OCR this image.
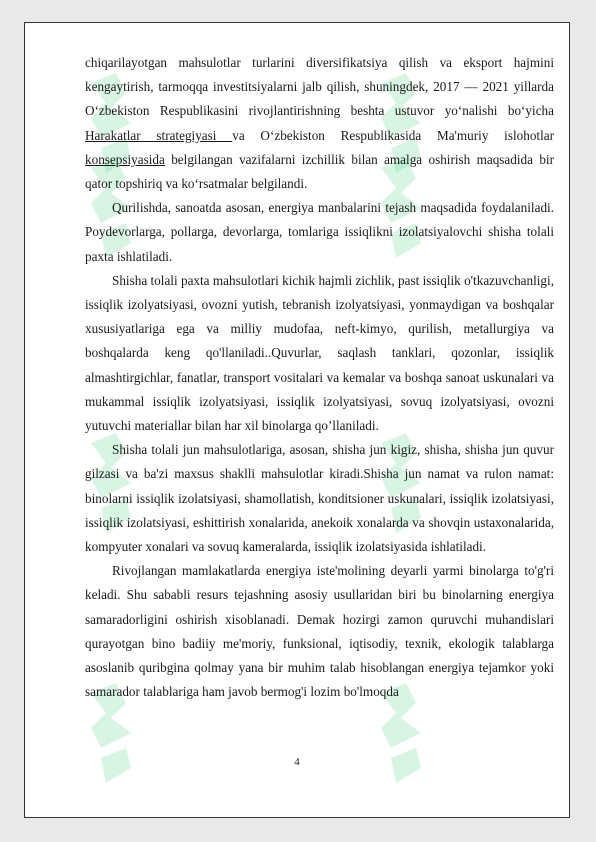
chiqarilayotgan mahsulotlar turlarini diversifikatsiya qilish va eksport hajmini kengaytirish, tarmoqqa investitsiyalarni jalb qilish, shuningdek, 2017 — 2021 yillarda O‘zbekiston Respublikasini rivojlantirishning beshta ustuvor yo‘nalishi bo‘yicha Harakatlar strategiyasi va O‘zbekiston Respublikasida Ma'muriy islohotlar konsepsiyasida belgilangan vazifalarni izchillik bilan amalga oshirish maqsadida bir qator topshiriq va ko‘rsatmalar belgilandi.

Qurilishda, sanoatda asosan, energiya manbalarini tejash maqsadida foydalaniladi. Poydevorlarga, pollarga, devorlarga, tomlariga issiqlikni izolatsiyalovchi shisha tolali paxta ishlatiladi.

Shisha tolali paxta mahsulotlari kichik hajmli zichlik, past issiqlik o'tkazuvchanligi, issiqlik izolyatsiyasi, ovozni yutish, tebranish izolyatsiyasi, yonmaydigan va boshqalar xususiyatlariga ega va milliy mudofaa, neft-kimyo, qurilish, metallurgiya va boshqalarda keng qo'llaniladi..Quvurlar, saqlash tanklari, qozonlar, issiqlik almashtirgichlar, fanatlar, transport vositalari va kemalar va boshqa sanoat uskunalari va mukammal issiqlik izolyatsiyasi, issiqlik izolyatsiyasi, sovuq izolyatsiyasi, ovozni yutuvchi materiallar bilan har xil binolarga qo’llaniladi.

Shisha tolali jun mahsulotlariga, asosan, shisha jun kigiz, shisha, shisha jun quvur gilzasi va ba'zi maxsus shaklli mahsulotlar kiradi.Shisha jun namat va rulon namat: binolarni issiqlik izolatsiyasi, shamollatish, konditsioner uskunalari, issiqlik izolatsiyasi, issiqlik izolatsiyasi, eshittirish xonalarida, anekoik xonalarda va shovqin ustaxonalarida, kompyuter xonalari va sovuq kameralarda, issiqlik izolatsiyasida ishlatiladi.

Rivojlangan mamlakatlarda energiya iste'molining deyarli yarmi binolarga to'g'ri keladi. Shu sababli resurs tejashning asosiy usullaridan biri bu binolarning energiya samaradorligini oshirish xisoblanadi. Demak hozirgi zamon quruvchi muhandislari qurayotgan bino badiiy me'moriy, funksional, iqtisodiy, texnik, ekologik talablarga asoslanib quribgina qolmay yana bir muhim talab hisoblangan energiya tejamkor yoki samarador talablariga ham javob bermog'i lozim bo'lmoqda

4
